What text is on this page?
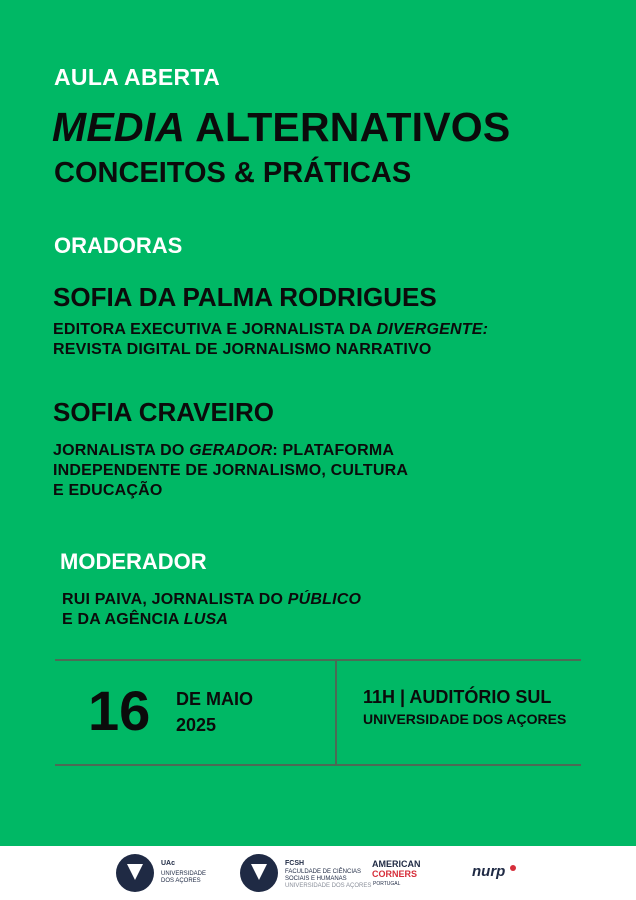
AULA ABERTA
MEDIA ALTERNATIVOS
CONCEITOS & PRÁTICAS
ORADORAS
SOFIA DA PALMA RODRIGUES
EDITORA EXECUTIVA E JORNALISTA DA DIVERGENTE:
REVISTA DIGITAL DE JORNALISMO NARRATIVO
SOFIA CRAVEIRO
JORNALISTA DO GERADOR: PLATAFORMA
INDEPENDENTE DE JORNALISMO, CULTURA
E EDUCAÇÃO
MODERADOR
RUI PAIVA, JORNALISTA DO PÚBLICO
E DA AGÊNCIA LUSA
16 DE MAIO
2025
11H | AUDITÓRIO SUL
UNIVERSIDADE DOS AÇORES
UAc
UNIVERSIDADE
DOS AÇORES
FCSH
FACULDADE DE CIÊNCIAS
SOCIAIS E HUMANAS
UNIVERSIDADE DOS AÇORES
AMERICAN
CORNERS
PORTUGAL
nurp
